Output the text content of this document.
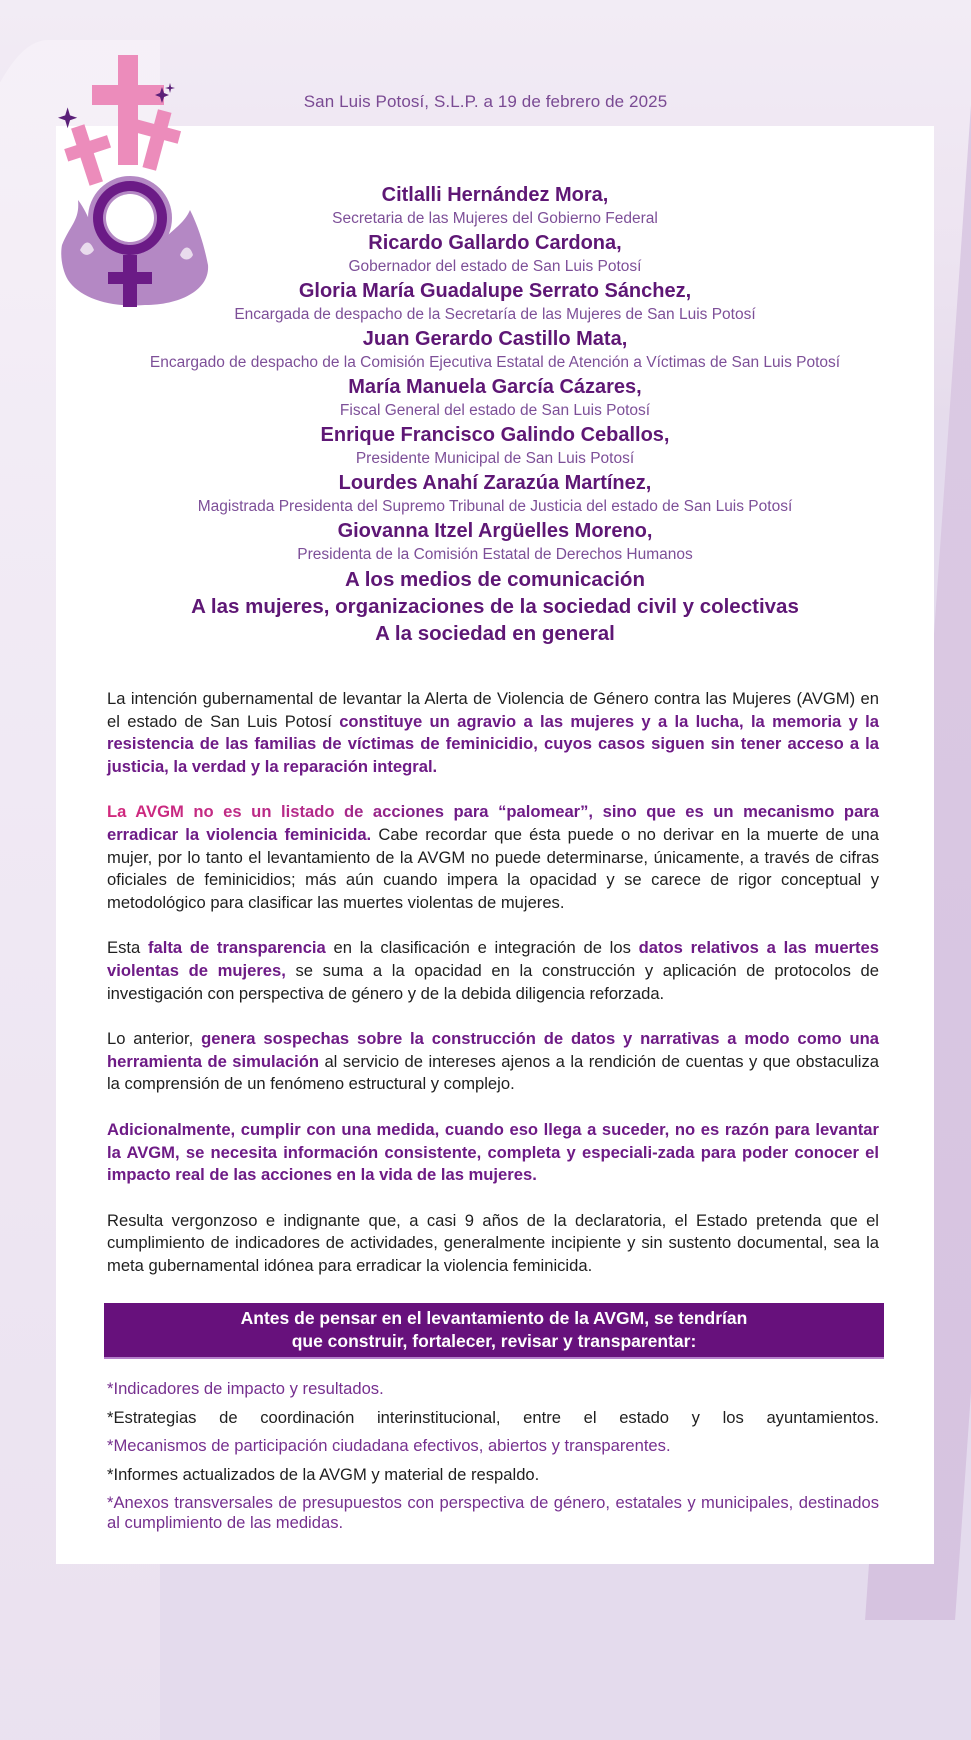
San Luis Potosí, S.L.P. a 19 de febrero de 2025
Citlalli Hernández Mora,
Secretaria de las Mujeres del Gobierno Federal
Ricardo Gallardo Cardona,
Gobernador del estado de San Luis Potosí
Gloria María Guadalupe Serrato Sánchez,
Encargada de despacho de la Secretaría de las Mujeres de San Luis Potosí
Juan Gerardo Castillo Mata,
Encargado de despacho de la Comisión Ejecutiva Estatal de Atención a Víctimas de San Luis Potosí
María Manuela García Cázares,
Fiscal General del estado de San Luis Potosí
Enrique Francisco Galindo Ceballos,
Presidente Municipal de San Luis Potosí
Lourdes Anahí Zarazúa Martínez,
Magistrada Presidenta del Supremo Tribunal de Justicia del estado de San Luis Potosí
Giovanna Itzel Argüelles Moreno,
Presidenta de la Comisión Estatal de Derechos Humanos
A los medios de comunicación
A las mujeres, organizaciones de la sociedad civil y colectivas
A la sociedad en general

La intención gubernamental de levantar la Alerta de Violencia de Género contra las Mujeres (AVGM) en el estado de San Luis Potosí constituye un agravio a las mujeres y a la lucha, la memoria y la resistencia de las familias de víctimas de feminicidio, cuyos casos siguen sin tener acceso a la justicia, la verdad y la reparación integral.

La AVGM no es un listado de acciones para “palomear”, sino que es un mecanismo para erradicar la violencia feminicida. Cabe recordar que ésta puede o no derivar en la muerte de una mujer, por lo tanto el levantamiento de la AVGM no puede determinarse, únicamente, a través de cifras oficiales de feminicidios; más aún cuando impera la opacidad y se carece de rigor conceptual y metodológico para clasificar las muertes violentas de mujeres.

Esta falta de transparencia en la clasificación e integración de los datos relativos a las muertes violentas de mujeres, se suma a la opacidad en la construcción y aplicación de protocolos de investigación con perspectiva de género y de la debida diligencia reforzada.

Lo anterior, genera sospechas sobre la construcción de datos y narrativas a modo como una herramienta de simulación al servicio de intereses ajenos a la rendición de cuentas y que obstaculiza la comprensión de un fenómeno estructural y complejo.

Adicionalmente, cumplir con una medida, cuando eso llega a suceder, no es razón para levantar la AVGM, se necesita información consistente, completa y especiali-zada para poder conocer el impacto real de las acciones en la vida de las mujeres.

Resulta vergonzoso e indignante que, a casi 9 años de la declaratoria, el Estado pretenda que el cumplimiento de indicadores de actividades, generalmente incipiente y sin sustento documental, sea la meta gubernamental idónea para erradicar la violencia feminicida.

Antes de pensar en el levantamiento de la AVGM, se tendrían
que construir, fortalecer, revisar y transparentar:
*Indicadores de impacto y resultados.
*Estrategias de coordinación interinstitucional, entre el estado y los ayuntamientos.
*Mecanismos de participación ciudadana efectivos, abiertos y transparentes.
*Informes actualizados de la AVGM y material de respaldo.
*Anexos transversales de presupuestos con perspectiva de género, estatales y municipales, destinados al cumplimiento de las medidas.
